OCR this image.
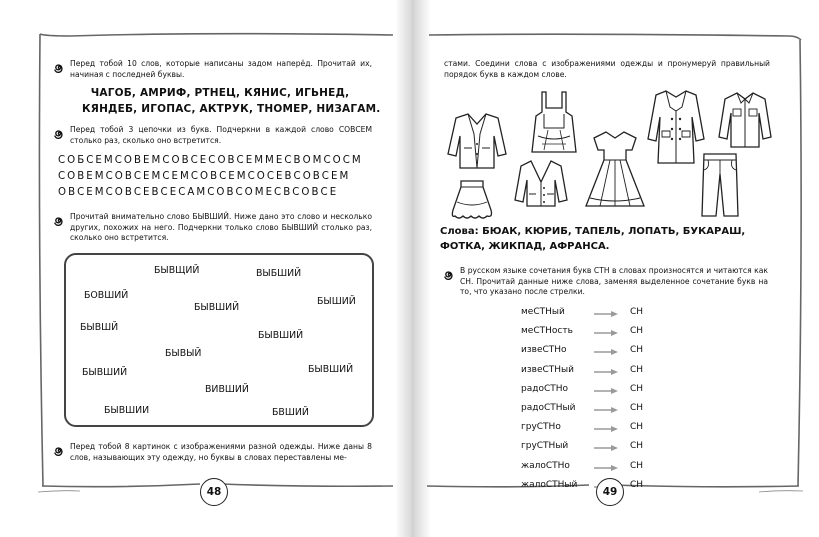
Перед тобой 10 слов, которые написаны задом наперёд. Прочитай их, начиная с последней буквы.
ЧАГОБ, АМРИФ, РТНЕЦ, КЯНИС, ИГЬНЕД,
КЯНДЕБ, ИГОПАС, АКТРУК, ТНОМЕР, НИЗАГАМ.
Перед тобой 3 цепочки из букв. Подчеркни в каждой слово СОВСЕМ столько раз, сколько оно встретится.
СОБСЕМСОВЕМСОВСЕСОВСЕММЕСВОМСОСМ
СОВЕМСОВСЕМСЕМСОВСЕМСОСЕВСОВСЕМ
ОВСЕМСОВСЕВСЕСАМСОВСОМЕСВСОВСЕ
Прочитай внимательно слово БЫВШИЙ. Ниже дано это слово и несколько других, похожих на него. Подчеркни только слово БЫВШИЙ столько раз, сколько оно встретится.
БЫВЩИЙ	ВЫБШИЙ
БОВШИЙ
БЫВШИЙ
БЫШИЙ
БЫВШЙ
БЫВШИЙ
БЫВЫЙ
БЫВШИЙ	БЫВШИЙ
ВИВШИЙ
БЫВШИИ	БВШИЙ
Перед тобой 8 картинок с изображениями разной одежды. Ниже даны 8 слов, называющих эту одежду, но буквы в словах переставлены ме-
48
стами. Соедини слова с изображениями одежды и пронумеруй правильный порядок букв в каждом слове.
Слова: БЮАК, КЮРИБ, ТАПЕЛЬ, ЛОПАТЬ, БУКАРАШ,
ФОТКА, ЖИКПАД, АФРАНСА.
В русском языке сочетания букв СТН в словах произносятся и читаются как СН. Прочитай данные ниже слова, заменяя выделенное сочетание букв на то, что указано после стрелки.
меСТНый	СН
меСТНость	СН
извеСТНо	СН
извеСТНый	СН
радоСТНо	СН
радоСТНый	СН
груСТНо	СН
груСТНый	СН
жалоСТНо	СН
жалоСТНый	СН
49
